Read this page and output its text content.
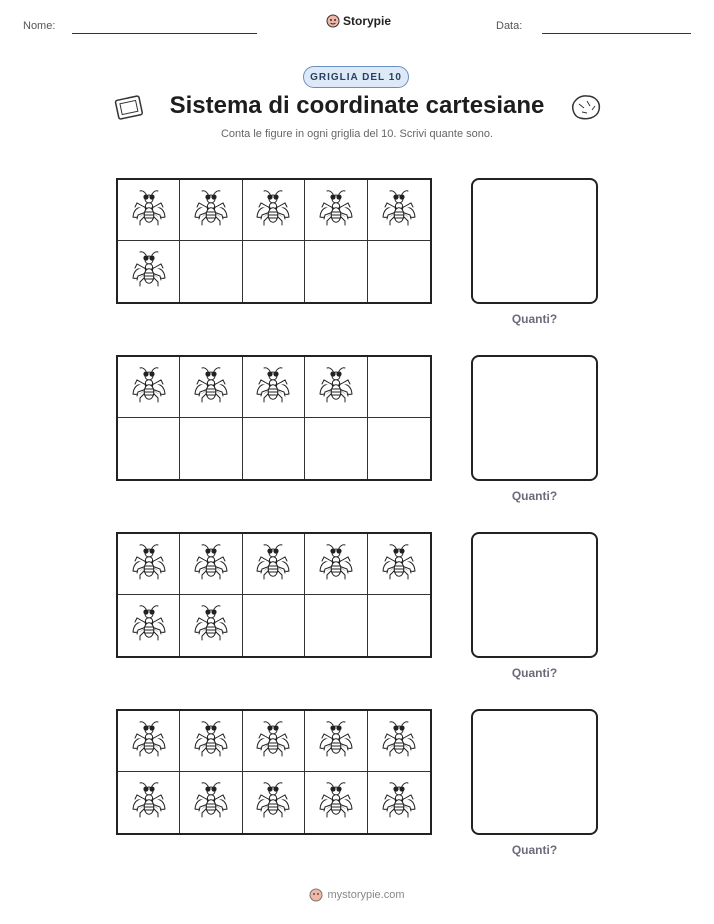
Nome:	Storypie	Data:
GRIGLIA DEL 10
Sistema di coordinate cartesiane
Conta le figure in ogni griglia del 10. Scrivi quante sono.
Quanti?
Quanti?
Quanti?
Quanti?
mystorypie.com
